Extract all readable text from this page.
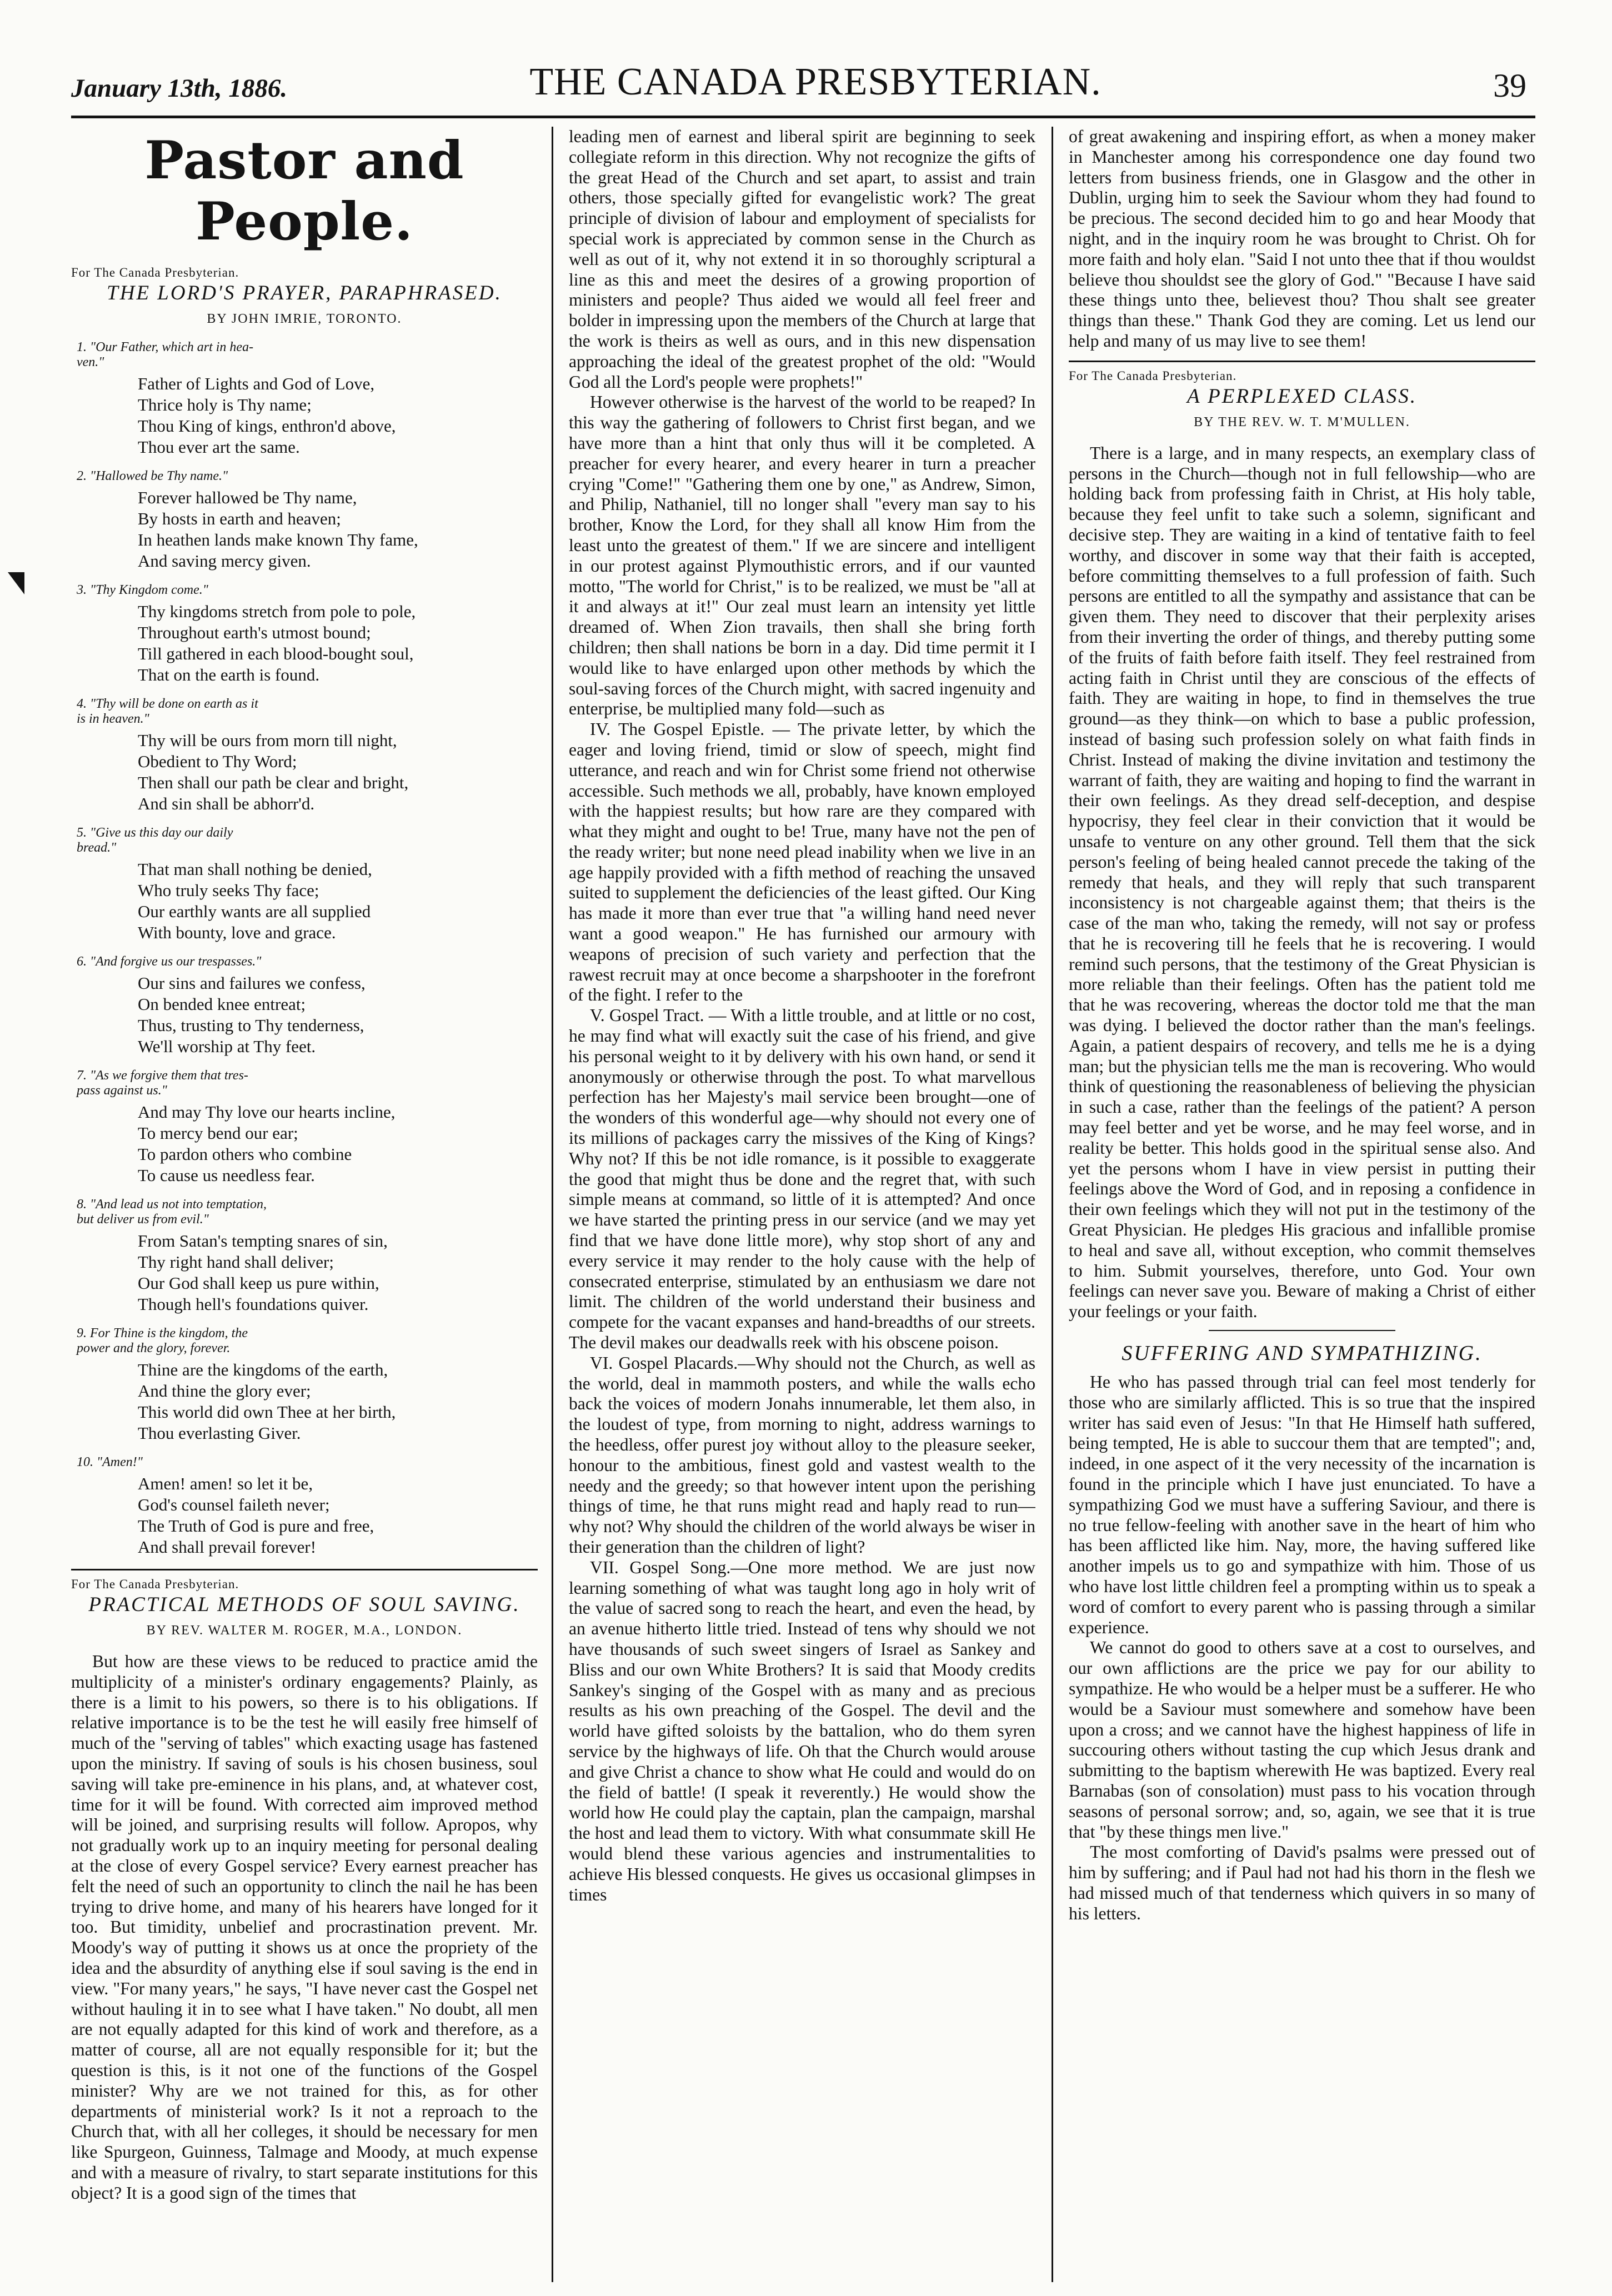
January 13th, 1886.	THE CANADA PRESBYTERIAN.	39
Pastor and People.
For The Canada Presbyterian.
THE LORD'S PRAYER, PARAPHRASED.
BY JOHN IMRIE, TORONTO.
1. "Our Father, which art in hea-
ven."
Father of Lights and God of Love,
Thrice holy is Thy name;
Thou King of kings, enthron'd above,
Thou ever art the same.
2. "Hallowed be Thy name."
Forever hallowed be Thy name,
By hosts in earth and heaven;
In heathen lands make known Thy fame,
And saving mercy given.
3. "Thy Kingdom come."
Thy kingdoms stretch from pole to pole,
Throughout earth's utmost bound;
Till gathered in each blood-bought soul,
That on the earth is found.
4. "Thy will be done on earth as it
is in heaven."
Thy will be ours from morn till night,
Obedient to Thy Word;
Then shall our path be clear and bright,
And sin shall be abhorr'd.
5. "Give us this day our daily
bread."
That man shall nothing be denied,
Who truly seeks Thy face;
Our earthly wants are all supplied
With bounty, love and grace.
6. "And forgive us our trespasses."
Our sins and failures we confess,
On bended knee entreat;
Thus, trusting to Thy tenderness,
We'll worship at Thy feet.
7. "As we forgive them that tres-
pass against us."
And may Thy love our hearts incline,
To mercy bend our ear;
To pardon others who combine
To cause us needless fear.
8. "And lead us not into temptation,
but deliver us from evil."
From Satan's tempting snares of sin,
Thy right hand shall deliver;
Our God shall keep us pure within,
Though hell's foundations quiver.
9. For Thine is the kingdom, the
power and the glory, forever.
Thine are the kingdoms of the earth,
And thine the glory ever;
This world did own Thee at her birth,
Thou everlasting Giver.
10. "Amen!"
Amen! amen! so let it be,
God's counsel faileth never;
The Truth of God is pure and free,
And shall prevail forever!
For The Canada Presbyterian.
PRACTICAL METHODS OF SOUL SAVING.
BY REV. WALTER M. ROGER, M.A., LONDON.

But how are these views to be reduced to practice amid the multiplicity of a minister's ordinary engagements? Plainly, as there is a limit to his powers, so there is to his obligations. If relative importance is to be the test he will easily free himself of much of the "serving of tables" which exacting usage has fastened upon the ministry. If saving of souls is his chosen business, soul saving will take pre-eminence in his plans, and, at whatever cost, time for it will be found. With corrected aim improved method will be joined, and surprising results will follow. Apropos, why not gradually work up to an inquiry meeting for personal dealing at the close of every Gospel service? Every earnest preacher has felt the need of such an opportunity to clinch the nail he has been trying to drive home, and many of his hearers have longed for it too. But timidity, unbelief and procrastination prevent. Mr. Moody's way of putting it shows us at once the propriety of the idea and the absurdity of anything else if soul saving is the end in view. "For many years," he says, "I have never cast the Gospel net without hauling it in to see what I have taken." No doubt, all men are not equally adapted for this kind of work and therefore, as a matter of course, all are not equally responsible for it; but the question is this, is it not one of the functions of the Gospel minister? Why are we not trained for this, as for other departments of ministerial work? Is it not a reproach to the Church that, with all her colleges, it should be necessary for men like Spurgeon, Guinness, Talmage and Moody, at much expense and with a measure of rivalry, to start separate institutions for this object? It is a good sign of the times that

leading men of earnest and liberal spirit are beginning to seek collegiate reform in this direction. Why not recognize the gifts of the great Head of the Church and set apart, to assist and train others, those specially gifted for evangelistic work? The great principle of division of labour and employment of specialists for special work is appreciated by common sense in the Church as well as out of it, why not extend it in so thoroughly scriptural a line as this and meet the desires of a growing proportion of ministers and people? Thus aided we would all feel freer and bolder in impressing upon the members of the Church at large that the work is theirs as well as ours, and in this new dispensation approaching the ideal of the greatest prophet of the old: "Would God all the Lord's people were prophets!"

However otherwise is the harvest of the world to be reaped? In this way the gathering of followers to Christ first began, and we have more than a hint that only thus will it be completed. A preacher for every hearer, and every hearer in turn a preacher crying "Come!" "Gathering them one by one," as Andrew, Simon, and Philip, Nathaniel, till no longer shall "every man say to his brother, Know the Lord, for they shall all know Him from the least unto the greatest of them." If we are sincere and intelligent in our protest against Plymouthistic errors, and if our vaunted motto, "The world for Christ," is to be realized, we must be "all at it and always at it!" Our zeal must learn an intensity yet little dreamed of. When Zion travails, then shall she bring forth children; then shall nations be born in a day. Did time permit it I would like to have enlarged upon other methods by which the soul-saving forces of the Church might, with sacred ingenuity and enterprise, be multiplied many fold—such as

IV. The Gospel Epistle. — The private letter, by which the eager and loving friend, timid or slow of speech, might find utterance, and reach and win for Christ some friend not otherwise accessible. Such methods we all, probably, have known employed with the happiest results; but how rare are they compared with what they might and ought to be! True, many have not the pen of the ready writer; but none need plead inability when we live in an age happily provided with a fifth method of reaching the unsaved suited to supplement the deficiencies of the least gifted. Our King has made it more than ever true that "a willing hand need never want a good weapon." He has furnished our armoury with weapons of precision of such variety and perfection that the rawest recruit may at once become a sharpshooter in the forefront of the fight. I refer to the

V. Gospel Tract. — With a little trouble, and at little or no cost, he may find what will exactly suit the case of his friend, and give his personal weight to it by delivery with his own hand, or send it anonymously or otherwise through the post. To what marvellous perfection has her Majesty's mail service been brought—one of the wonders of this wonderful age—why should not every one of its millions of packages carry the missives of the King of Kings? Why not? If this be not idle romance, is it possible to exaggerate the good that might thus be done and the regret that, with such simple means at command, so little of it is attempted? And once we have started the printing press in our service (and we may yet find that we have done little more), why stop short of any and every service it may render to the holy cause with the help of consecrated enterprise, stimulated by an enthusiasm we dare not limit. The children of the world understand their business and compete for the vacant expanses and hand-breadths of our streets. The devil makes our deadwalls reek with his obscene poison.

VI. Gospel Placards.—Why should not the Church, as well as the world, deal in mammoth posters, and while the walls echo back the voices of modern Jonahs innumerable, let them also, in the loudest of type, from morning to night, address warnings to the heedless, offer purest joy without alloy to the pleasure seeker, honour to the ambitious, finest gold and vastest wealth to the needy and the greedy; so that however intent upon the perishing things of time, he that runs might read and haply read to run—why not? Why should the children of the world always be wiser in their generation than the children of light?

VII. Gospel Song.—One more method. We are just now learning something of what was taught long ago in holy writ of the value of sacred song to reach the heart, and even the head, by an avenue hitherto little tried. Instead of tens why should we not have thousands of such sweet singers of Israel as Sankey and Bliss and our own White Brothers? It is said that Moody credits Sankey's singing of the Gospel with as many and as precious results as his own preaching of the Gospel. The devil and the world have gifted soloists by the battalion, who do them syren service by the highways of life. Oh that the Church would arouse and give Christ a chance to show what He could and would do on the field of battle! (I speak it reverently.) He would show the world how He could play the captain, plan the campaign, marshal the host and lead them to victory. With what consummate skill He would blend these various agencies and instrumentalities to achieve His blessed conquests. He gives us occasional glimpses in times

of great awakening and inspiring effort, as when a money maker in Manchester among his correspondence one day found two letters from business friends, one in Glasgow and the other in Dublin, urging him to seek the Saviour whom they had found to be precious. The second decided him to go and hear Moody that night, and in the inquiry room he was brought to Christ. Oh for more faith and holy elan. "Said I not unto thee that if thou wouldst believe thou shouldst see the glory of God." "Because I have said these things unto thee, believest thou? Thou shalt see greater things than these." Thank God they are coming. Let us lend our help and many of us may live to see them!

For The Canada Presbyterian.
A PERPLEXED CLASS.
BY THE REV. W. T. M'MULLEN.

There is a large, and in many respects, an exemplary class of persons in the Church—though not in full fellowship—who are holding back from professing faith in Christ, at His holy table, because they feel unfit to take such a solemn, significant and decisive step. They are waiting in a kind of tentative faith to feel worthy, and discover in some way that their faith is accepted, before committing themselves to a full profession of faith. Such persons are entitled to all the sympathy and assistance that can be given them. They need to discover that their perplexity arises from their inverting the order of things, and thereby putting some of the fruits of faith before faith itself. They feel restrained from acting faith in Christ until they are conscious of the effects of faith. They are waiting in hope, to find in themselves the true ground—as they think—on which to base a public profession, instead of basing such profession solely on what faith finds in Christ. Instead of making the divine invitation and testimony the warrant of faith, they are waiting and hoping to find the warrant in their own feelings. As they dread self-deception, and despise hypocrisy, they feel clear in their conviction that it would be unsafe to venture on any other ground. Tell them that the sick person's feeling of being healed cannot precede the taking of the remedy that heals, and they will reply that such transparent inconsistency is not chargeable against them; that theirs is the case of the man who, taking the remedy, will not say or profess that he is recovering till he feels that he is recovering. I would remind such persons, that the testimony of the Great Physician is more reliable than their feelings. Often has the patient told me that he was recovering, whereas the doctor told me that the man was dying. I believed the doctor rather than the man's feelings. Again, a patient despairs of recovery, and tells me he is a dying man; but the physician tells me the man is recovering. Who would think of questioning the reasonableness of believing the physician in such a case, rather than the feelings of the patient? A person may feel better and yet be worse, and he may feel worse, and in reality be better. This holds good in the spiritual sense also. And yet the persons whom I have in view persist in putting their feelings above the Word of God, and in reposing a confidence in their own feelings which they will not put in the testimony of the Great Physician. He pledges His gracious and infallible promise to heal and save all, without exception, who commit themselves to him. Submit yourselves, therefore, unto God. Your own feelings can never save you. Beware of making a Christ of either your feelings or your faith.

SUFFERING AND SYMPATHIZING.

He who has passed through trial can feel most tenderly for those who are similarly afflicted. This is so true that the inspired writer has said even of Jesus: "In that He Himself hath suffered, being tempted, He is able to succour them that are tempted"; and, indeed, in one aspect of it the very necessity of the incarnation is found in the principle which I have just enunciated. To have a sympathizing God we must have a suffering Saviour, and there is no true fellow-feeling with another save in the heart of him who has been afflicted like him. Nay, more, the having suffered like another impels us to go and sympathize with him. Those of us who have lost little children feel a prompting within us to speak a word of comfort to every parent who is passing through a similar experience.

We cannot do good to others save at a cost to ourselves, and our own afflictions are the price we pay for our ability to sympathize. He who would be a helper must be a sufferer. He who would be a Saviour must somewhere and somehow have been upon a cross; and we cannot have the highest happiness of life in succouring others without tasting the cup which Jesus drank and submitting to the baptism wherewith He was baptized. Every real Barnabas (son of consolation) must pass to his vocation through seasons of personal sorrow; and, so, again, we see that it is true that "by these things men live."

The most comforting of David's psalms were pressed out of him by suffering; and if Paul had not had his thorn in the flesh we had missed much of that tenderness which quivers in so many of his letters.
